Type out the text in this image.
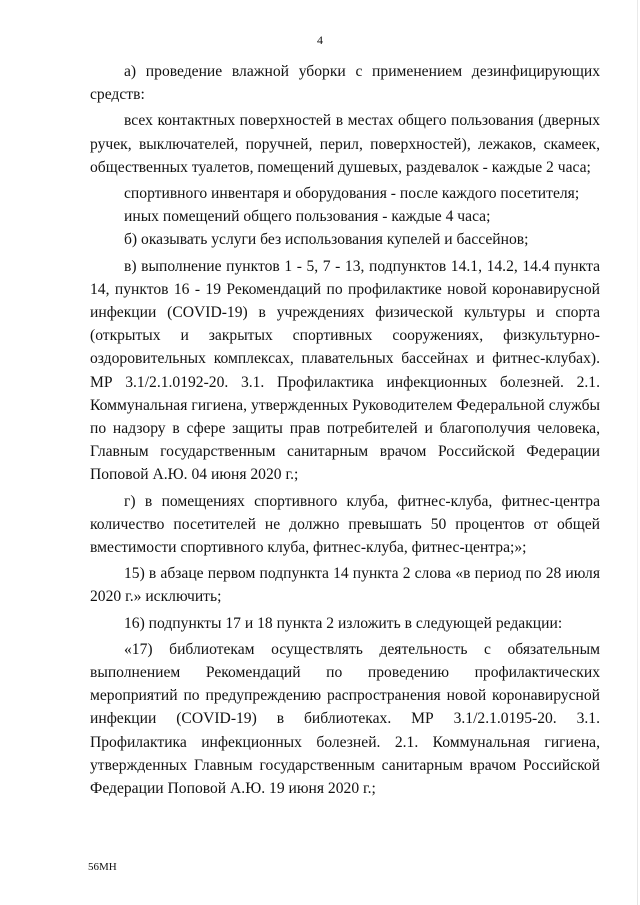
4

а) проведение влажной уборки с применением дезинфицирующих средств:

всех контактных поверхностей в местах общего пользования (дверных ручек, выключателей, поручней, перил, поверхностей), лежаков, скамеек, общественных туалетов, помещений душевых, раздевалок - каждые 2 часа;

спортивного инвентаря и оборудования - после каждого посетителя;

иных помещений общего пользования - каждые 4 часа;

б) оказывать услуги без использования купелей и бассейнов;

в) выполнение пунктов 1 - 5, 7 - 13, подпунктов 14.1, 14.2, 14.4 пункта 14, пунктов 16 - 19 Рекомендаций по профилактике новой коронавирусной инфекции (COVID-19) в учреждениях физической культуры и спорта (открытых и закрытых спортивных сооружениях, физкультурно-оздоровительных комплексах, плавательных бассейнах и фитнес-клубах). МР 3.1/2.1.0192-20. 3.1. Профилактика инфекционных болезней. 2.1. Коммунальная гигиена, утвержденных Руководителем Федеральной службы по надзору в сфере защиты прав потребителей и благополучия человека, Главным государственным санитарным врачом Российской Федерации Поповой А.Ю. 04 июня 2020 г.;

г) в помещениях спортивного клуба, фитнес-клуба, фитнес-центра количество посетителей не должно превышать 50 процентов от общей вместимости спортивного клуба, фитнес-клуба, фитнес-центра;»;

15) в абзаце первом подпункта 14 пункта 2 слова «в период по 28 июля 2020 г.» исключить;

16) подпункты 17 и 18 пункта 2 изложить в следующей редакции:

«17) библиотекам осуществлять деятельность с обязательным выполнением Рекомендаций по проведению профилактических мероприятий по предупреждению распространения новой коронавирусной инфекции (COVID-19) в библиотеках. МР 3.1/2.1.0195-20. 3.1. Профилактика инфекционных болезней. 2.1. Коммунальная гигиена, утвержденных Главным государственным санитарным врачом Российской Федерации Поповой А.Ю. 19 июня 2020 г.;

56МН
